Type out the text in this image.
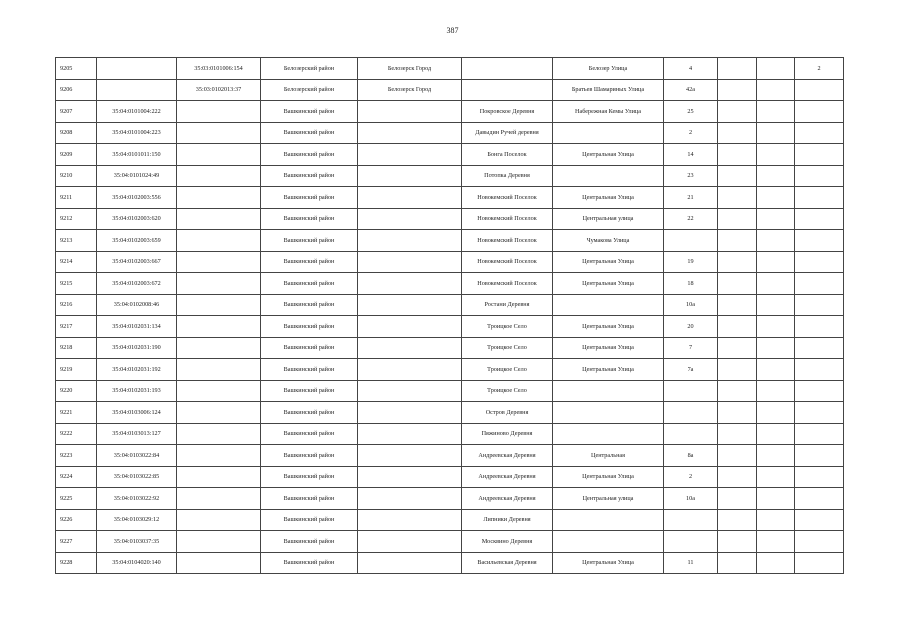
387
9205		35:03:0101006:154	Белозерский район	Белозерск Город		Белозер Улица	4			2
9206		35:03:0102013:37	Белозерский район	Белозерск Город		Братьев Шамариных Улица	42а			
9207	35:04:0101004:222		Вашкинский район		Покровское Деревня	Набережная Кемы Улица	25			
9208	35:04:0101004:223		Вашкинский район		Давыдин Ручей деревня		2			
9209	35:04:0101011:150		Вашкинский район		Бонга Поселок	Центральная Улица	14			
9210	35:04:0101024:49		Вашкинский район		Потопка Деревня		23			
9211	35:04:0102003:556		Вашкинский район		Новокемский Поселок	Центральная Улица	21			
9212	35:04:0102003:620		Вашкинский район		Новокемский Поселок	Центральная улица	22			
9213	35:04:0102003:659		Вашкинский район		Новокемский Поселок	Чумакова Улица				
9214	35:04:0102003:667		Вашкинский район		Новокемский Поселок	Центральная Улица	19			
9215	35:04:0102003:672		Вашкинский район		Новокемский Поселок	Центральная Улица	18			
9216	35:04:0102008:46		Вашкинский район		Ростани Деревня		10а			
9217	35:04:0102031:134		Вашкинский район		Троицкое Село	Центральная Улица	20			
9218	35:04:0102031:190		Вашкинский район		Троицкое Село	Центральная Улица	7			
9219	35:04:0102031:192		Вашкинский район		Троицкое Село	Центральная Улица	7а			
9220	35:04:0102031:193		Вашкинский район		Троицкое Село					
9221	35:04:0103006:124		Вашкинский район		Остров Деревня					
9222	35:04:0103013:127		Вашкинский район		Пяжиново Деревня					
9223	35:04:0103022:84		Вашкинский район		Андреевская Деревня	Центральная	8а			
9224	35:04:0103022:85		Вашкинский район		Андреевская Деревня	Центральная Улица	2			
9225	35:04:0103022:92		Вашкинский район		Андреевская Деревня	Центральная улица	10а			
9226	35:04:0103029:12		Вашкинский район		Липники Деревня					
9227	35:04:0103037:35		Вашкинский район		Москвино Деревня					
9228	35:04:0104020:140		Вашкинский район		Васильевская Деревня	Центральная Улица	11			
